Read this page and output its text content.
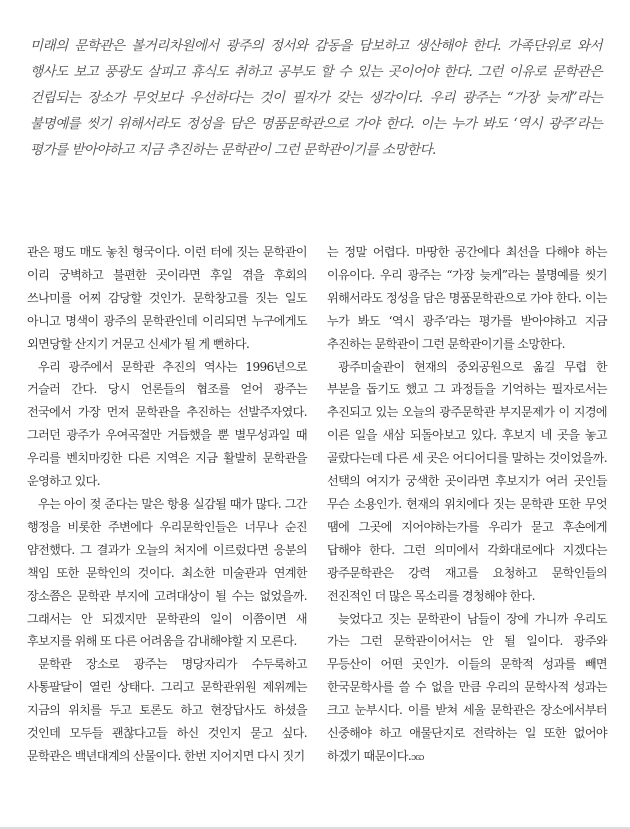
미래의 문학관은 볼거리차원에서 광주의 정서와 감동을 담보하고 생산해야 한다. 가족단위로 와서 행사도 보고 풍광도 살피고 휴식도 취하고 공부도 할 수 있는 곳이어야 한다. 그런 이유로 문학관은 건립되는 장소가 무엇보다 우선하다는 것이 필자가 갖는 생각이다. 우리 광주는 “가장 늦게”라는 불명예를 씻기 위해서라도 정성을 담은 명품문학관으로 가야 한다. 이는 누가 봐도 ‘역시 광주’라는 평가를 받아야하고 지금 추진하는 문학관이 그런 문학관이기를 소망한다.

관은 평도 매도 놓친 형국이다. 이런 터에 짓는 문학관이 이리 궁벽하고 불편한 곳이라면 후일 겪을 후회의 쓰나미를 어찌 감당할 것인가. 문학창고를 짓는 일도 아니고 명색이 광주의 문학관인데 이리되면 누구에게도 외면당할 산지기 거문고 신세가 될 게 뻔하다.

우리 광주에서 문학관 추진의 역사는 1996년으로 거슬러 간다. 당시 언론들의 협조를 얻어 광주는 전국에서 가장 먼저 문학관을 추진하는 선발주자였다. 그러던 광주가 우여곡절만 거듭했을 뿐 별무성과일 때 우리를 벤치마킹한 다른 지역은 지금 활발히 문학관을 운영하고 있다.

우는 아이 젖 준다는 말은 항용 실감될 때가 많다. 그간 행정을 비롯한 주변에다 우리문학인들은 너무나 순진 얌전했다. 그 결과가 오늘의 처지에 이르렀다면 응분의 책임 또한 문학인의 것이다. 최소한 미술관과 연계한 장소쯤은 문학관 부지에 고려대상이 될 수는 없었을까. 그래서는 안 되겠지만 문학관의 일이 이쯤이면 새 후보지를 위해 또 다른 어려움을 감내해야할 지 모른다.

문학관 장소로 광주는 명당자리가 수두룩하고 사통팔달이 열린 상태다. 그리고 문학관위원 제위께는 지금의 위치를 두고 토론도 하고 현장답사도 하셨을 것인데 모두들 괜찮다고들 하신 것인지 묻고 싶다. 문학관은 백년대계의 산물이다. 한번 지어지면 다시 짓기

는 정말 어렵다. 마땅한 공간에다 최선을 다해야 하는 이유이다. 우리 광주는 “가장 늦게”라는 불명예를 씻기 위해서라도 정성을 담은 명품문학관으로 가야 한다. 이는 누가 봐도 ‘역시 광주’라는 평가를 받아야하고 지금 추진하는 문학관이 그런 문학관이기를 소망한다.

광주미술관이 현재의 중외공원으로 옮길 무렵 한 부분을 돕기도 했고 그 과정들을 기억하는 필자로서는 추진되고 있는 오늘의 광주문학관 부지문제가 이 지경에 이른 일을 새삼 되돌아보고 있다. 후보지 네 곳을 놓고 골랐다는데 다른 세 곳은 어디어디를 말하는 것이었을까. 선택의 여지가 궁색한 곳이라면 후보지가 여러 곳인들 무슨 소용인가. 현재의 위치에다 짓는 문학관 또한 무엇 땜에 그곳에 지어야하는가를 우리가 묻고 후손에게 답해야 한다. 그런 의미에서 각화대로에다 지겠다는 광주문학관은 강력 재고를 요청하고 문학인들의 전진적인 더 많은 목소리를 경청해야 한다.

늦었다고 짓는 문학관이 남들이 장에 가니까 우리도 가는 그런 문학관이어서는 안 될 일이다. 광주와 무등산이 어떤 곳인가. 이들의 문학적 성과를 빼면 한국문학사를 쓸 수 없을 만큼 우리의 문학사적 성과는 크고 눈부시다. 이를 받쳐 세울 문학관은 장소에서부터 신중해야 하고 애물단지로 전락하는 일 또한 없어야 하겠기 때문이다.ɔɢɔ
